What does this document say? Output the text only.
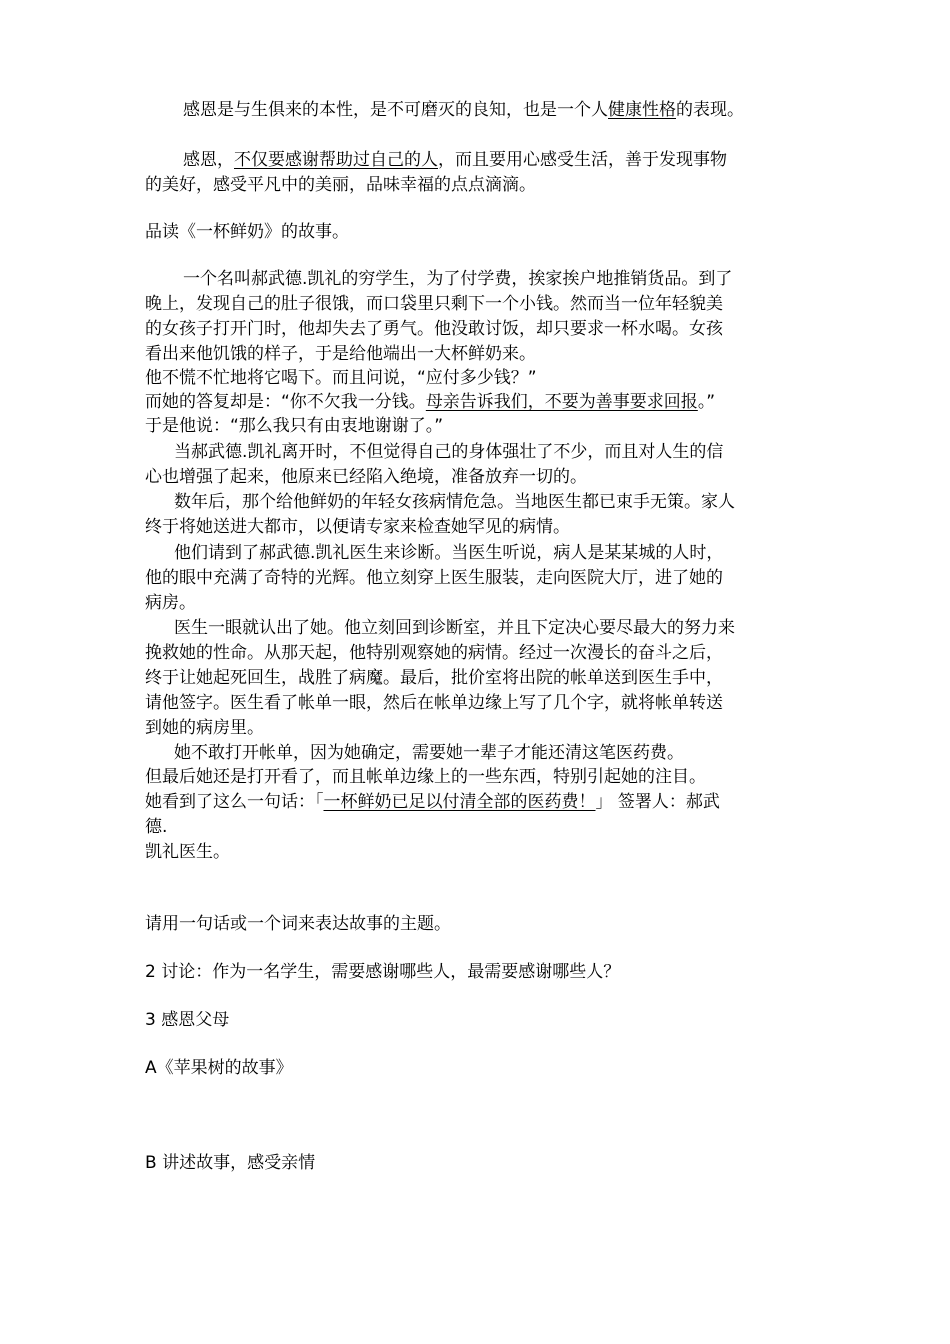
感恩是与生俱来的本性，是不可磨灭的良知，也是一个人健康性格的表现。
感恩，不仅要感谢帮助过自己的人，而且要用心感受生活，善于发现事物
的美好，感受平凡中的美丽，品味幸福的点点滴滴。
品读《一杯鲜奶》的故事。
一个名叫郝武德.凯礼的穷学生，为了付学费，挨家挨户地推销货品。到了
晚上，发现自己的肚子很饿，而口袋里只剩下一个小钱。然而当一位年轻貌美
的女孩子打开门时，他却失去了勇气。他没敢讨饭，却只要求一杯水喝。女孩
看出来他饥饿的样子，于是给他端出一大杯鲜奶来。
他不慌不忙地将它喝下。而且问说，“应付多少钱？”
而她的答复却是：“你不欠我一分钱。母亲告诉我们，不要为善事要求回报。”
于是他说：“那么我只有由衷地谢谢了。”
当郝武德.凯礼离开时，不但觉得自己的身体强壮了不少，而且对人生的信
心也增强了起来，他原来已经陷入绝境，准备放弃一切的。
数年后，那个给他鲜奶的年轻女孩病情危急。当地医生都已束手无策。家人
终于将她送进大都市，以便请专家来检查她罕见的病情。
他们请到了郝武德.凯礼医生来诊断。当医生听说，病人是某某城的人时，
他的眼中充满了奇特的光辉。他立刻穿上医生服装，走向医院大厅，进了她的
病房。
医生一眼就认出了她。他立刻回到诊断室，并且下定决心要尽最大的努力来
挽救她的性命。从那天起，他特别观察她的病情。经过一次漫长的奋斗之后，
终于让她起死回生，战胜了病魔。最后，批价室将出院的帐单送到医生手中，
请他签字。医生看了帐单一眼，然后在帐单边缘上写了几个字，就将帐单转送
到她的病房里。
她不敢打开帐单，因为她确定，需要她一辈子才能还清这笔医药费。
但最后她还是打开看了，而且帐单边缘上的一些东西，特别引起她的注目。
她看到了这么一句话：「一杯鲜奶已足以付清全部的医药费！」 签署人：郝武
德.
凯礼医生。
请用一句话或一个词来表达故事的主题。
2 讨论：作为一名学生，需要感谢哪些人，最需要感谢哪些人？
3 感恩父母
A《苹果树的故事》
B 讲述故事，感受亲情
